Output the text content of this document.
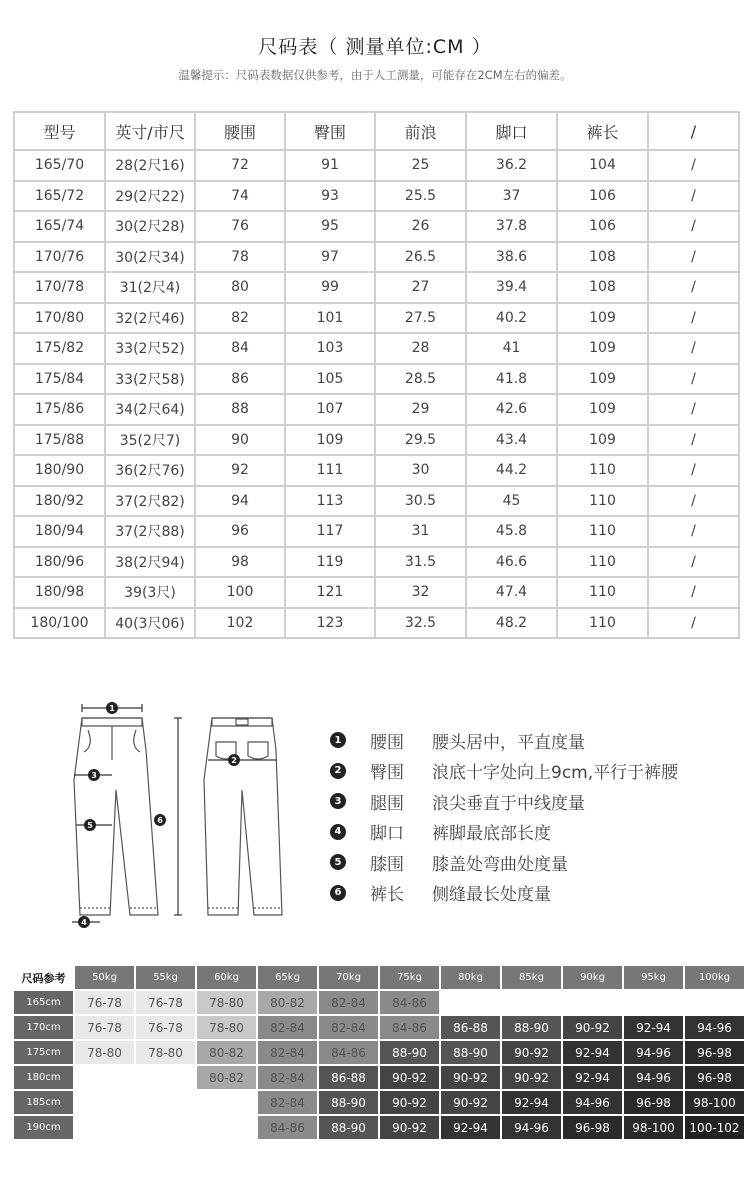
尺码表（ 测量单位:CM ）
温馨提示：尺码表数据仅供参考，由于人工测量，可能存在2CM左右的偏差。
型号	英寸/市尺	腰围	臀围	前浪	脚口	裤长	/
165/70	28(2尺16)	72	91	25	36.2	104	/
165/72	29(2尺22)	74	93	25.5	37	106	/
165/74	30(2尺28)	76	95	26	37.8	106	/
170/76	30(2尺34)	78	97	26.5	38.6	108	/
170/78	31(2尺4)	80	99	27	39.4	108	/
170/80	32(2尺46)	82	101	27.5	40.2	109	/
175/82	33(2尺52)	84	103	28	41	109	/
175/84	33(2尺58)	86	105	28.5	41.8	109	/
175/86	34(2尺64)	88	107	29	42.6	109	/
175/88	35(2尺7)	90	109	29.5	43.4	109	/
180/90	36(2尺76)	92	111	30	44.2	110	/
180/92	37(2尺82)	94	113	30.5	45	110	/
180/94	37(2尺88)	96	117	31	45.8	110	/
180/96	38(2尺94)	98	119	31.5	46.6	110	/
180/98	39(3尺)	100	121	32	47.4	110	/
180/100	40(3尺06)	102	123	32.5	48.2	110	/
1
2
3
4
5
6
1 腰围	腰头居中，平直度量
2 臀围	浪底十字处向上9cm,平行于裤腰
3 腿围	浪尖垂直于中线度量
4 脚口	裤脚最底部长度
5 膝围	膝盖处弯曲处度量
6 裤长	侧缝最长处度量
尺码参考	50kg	55kg	60kg	65kg	70kg	75kg	80kg	85kg	90kg	95kg	100kg
165cm	76-78	76-78	78-80	80-82	82-84	84-86					
170cm	76-78	76-78	78-80	82-84	82-84	84-86	86-88	88-90	90-92	92-94	94-96
175cm	78-80	78-80	80-82	82-84	84-86	88-90	88-90	90-92	92-94	94-96	96-98
180cm			80-82	82-84	86-88	90-92	90-92	90-92	92-94	94-96	96-98
185cm				82-84	88-90	90-92	90-92	92-94	94-96	96-98	98-100
190cm				84-86	88-90	90-92	92-94	94-96	96-98	98-100	100-102
